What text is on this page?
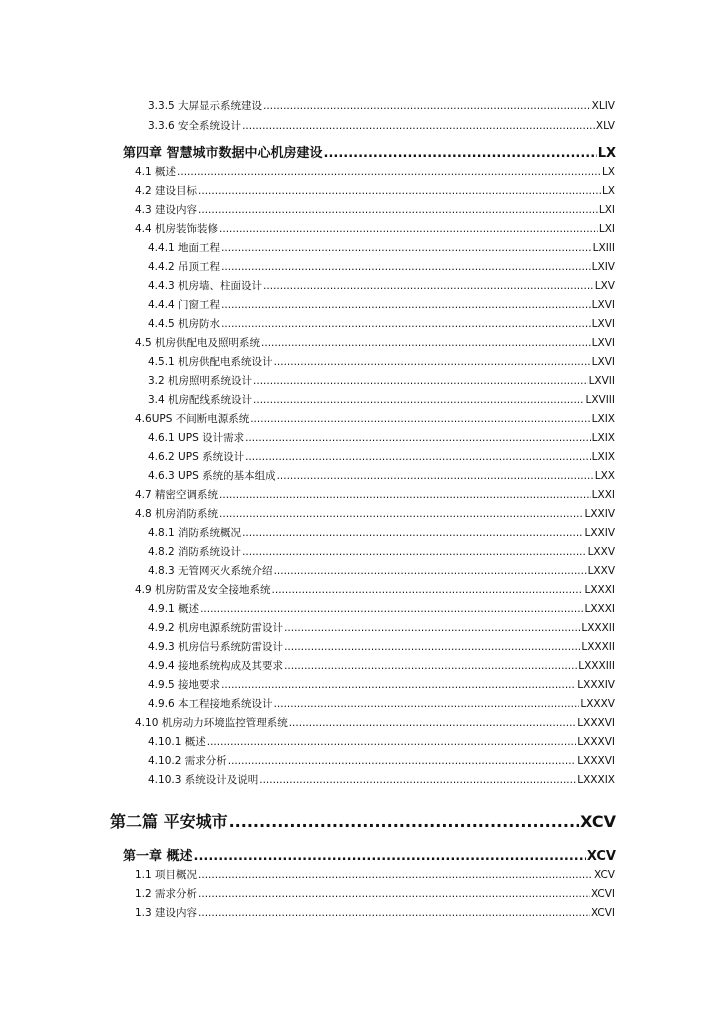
3.3.5 大屏显示系统建设 .....	XLIV
3.3.6 安全系统设计 .....	XLV
第四章 智慧城市数据中心机房建设 .....	LX
4.1 概述 .....	LX
4.2 建设目标 .....	LX
4.3 建设内容 .....	LXI
4.4 机房装饰装修 .....	LXI
4.4.1 地面工程 .....	LXIII
4.4.2 吊顶工程 .....	LXIV
4.4.3 机房墙、柱面设计 .....	LXV
4.4.4 门窗工程 .....	LXVI
4.4.5 机房防水 .....	LXVI
4.5 机房供配电及照明系统 .....	LXVI
4.5.1 机房供配电系统设计 .....	LXVI
3.2 机房照明系统设计 .....	LXVII
3.4 机房配线系统设计 .....	LXVIII
4.6UPS 不间断电源系统 .....	LXIX
4.6.1 UPS 设计需求 .....	LXIX
4.6.2 UPS 系统设计 .....	LXIX
4.6.3 UPS 系统的基本组成 .....	LXX
4.7 精密空调系统 .....	LXXI
4.8 机房消防系统 .....	LXXIV
4.8.1 消防系统概况 .....	LXXIV
4.8.2 消防系统设计 .....	LXXV
4.8.3 无管网灭火系统介绍 .....	LXXV
4.9 机房防雷及安全接地系统 .....	LXXXI
4.9.1 概述 .....	LXXXI
4.9.2 机房电源系统防雷设计 .....	LXXXII
4.9.3 机房信号系统防雷设计 .....	LXXXII
4.9.4 接地系统构成及其要求 .....	LXXXIII
4.9.5 接地要求 .....	LXXXIV
4.9.6 本工程接地系统设计 .....	LXXXV
4.10 机房动力环境监控管理系统 .....	LXXXVI
4.10.1 概述 .....	LXXXVI
4.10.2 需求分析 .....	LXXXVI
4.10.3 系统设计及说明 .....	LXXXIX
第二篇 平安城市 .....	XCV
第一章 概述 .....	XCV
1.1 项目概况 .....	XCV
1.2 需求分析 .....	XCVI
1.3 建设内容 .....	XCVI
